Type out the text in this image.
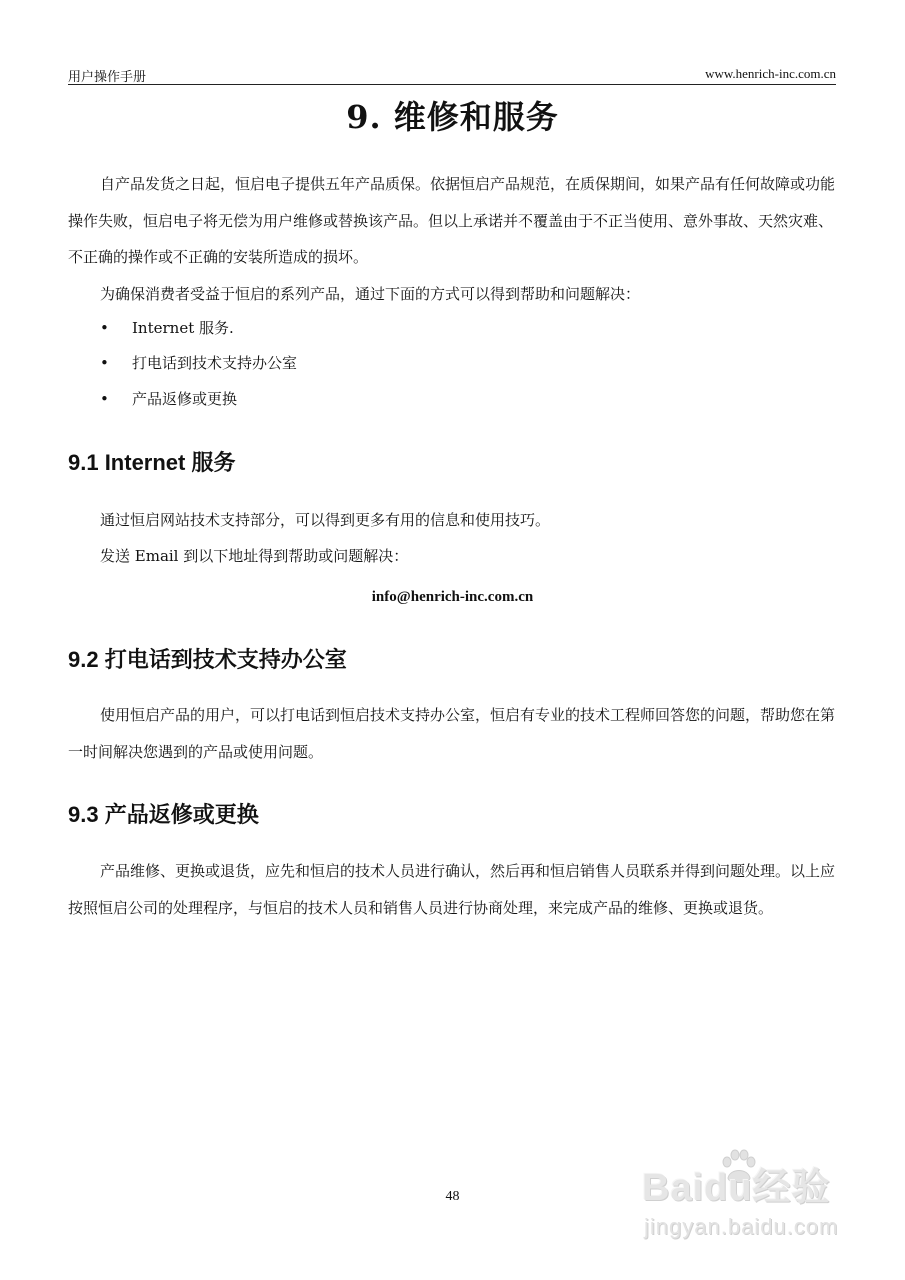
用户操作手册	www.henrich-inc.com.cn
9. 维修和服务
自产品发货之日起，恒启电子提供五年产品质保。依据恒启产品规范，在质保期间，如果产品有任何故障或功能操作失败，恒启电子将无偿为用户维修或替换该产品。但以上承诺并不覆盖由于不正当使用、意外事故、天然灾难、不正确的操作或不正确的安装所造成的损坏。
为确保消费者受益于恒启的系列产品，通过下面的方式可以得到帮助和问题解决：
• Internet 服务.
• 打电话到技术支持办公室
• 产品返修或更换
9.1 Internet 服务
通过恒启网站技术支持部分，可以得到更多有用的信息和使用技巧。
发送 Email 到以下地址得到帮助或问题解决：
info@henrich-inc.com.cn
9.2 打电话到技术支持办公室
使用恒启产品的用户，可以打电话到恒启技术支持办公室，恒启有专业的技术工程师回答您的问题，帮助您在第一时间解决您遇到的产品或使用问题。
9.3 产品返修或更换
产品维修、更换或退货，应先和恒启的技术人员进行确认，然后再和恒启销售人员联系并得到问题处理。以上应按照恒启公司的处理程序，与恒启的技术人员和销售人员进行协商处理，来完成产品的维修、更换或退货。
48	Baidu经验
jingyan.baidu.com
